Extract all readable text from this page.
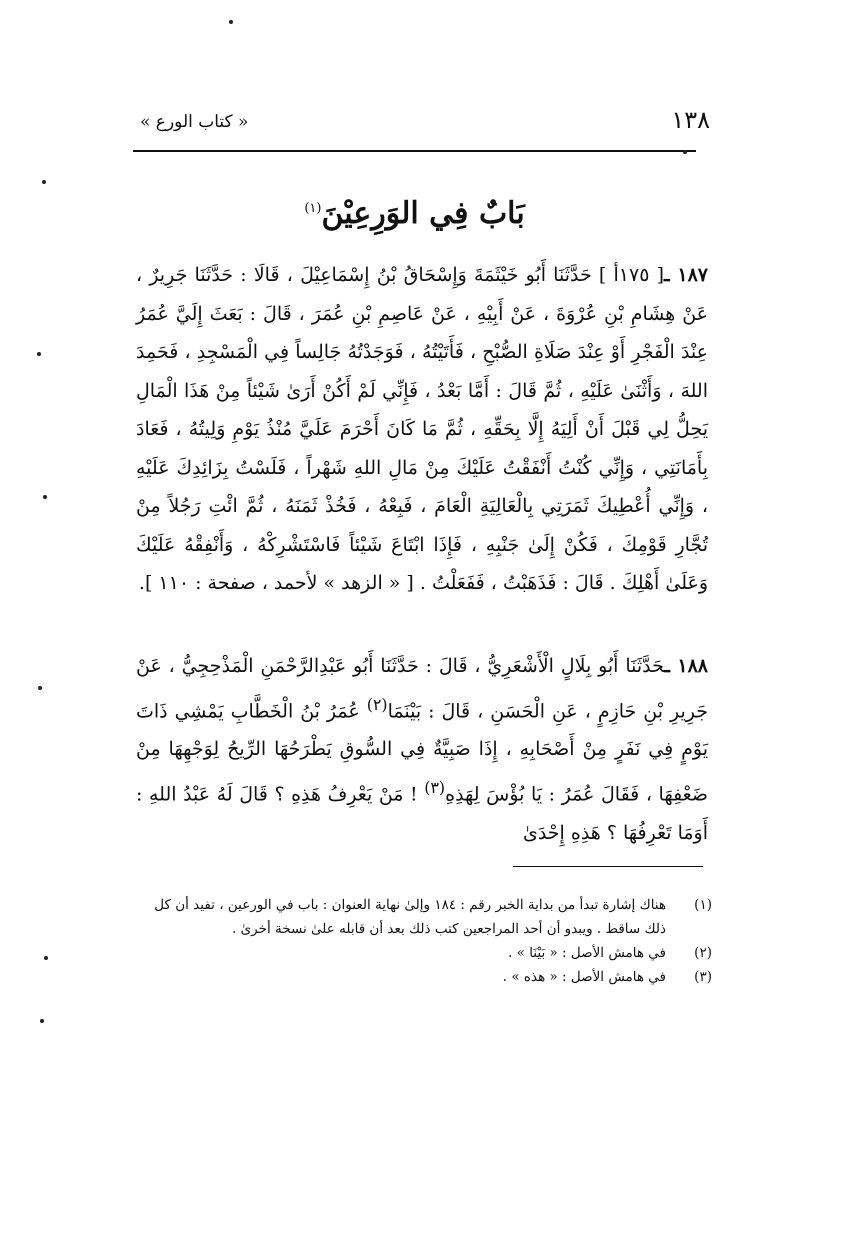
« كتاب الورع »	١٣٨
بَابٌ فِي الوَرِعِيْنَ$^{(١)}$

١٨٧ ـ[ ١٧٥أ ] حَدَّثَنَا أَبُو خَيْثَمَةَ وَإِسْحَاقُ بْنُ إِسْمَاعِيْلَ ، قَالَا : حَدَّثَنَا جَرِيرٌ ، عَنْ هِشَامِ بْنِ عُرْوَةَ ، عَنْ أَبِيْهِ ، عَنْ عَاصِمِ بْنِ عُمَرَ ، قَالَ : بَعَثَ إِلَيَّ عُمَرُ عِنْدَ الْفَجْرِ أَوْ عِنْدَ صَلَاةِ الصُّبْحِ ، فَأَتَيْتُهُ ، فَوَجَدْتُهُ جَالِساً فِي الْمَسْجِدِ ، فَحَمِدَ اللهَ ، وَأَثْنَىٰ عَلَيْهِ ، ثُمَّ قَالَ : أَمَّا بَعْدُ ، فَإِنِّي لَمْ أَكُنْ أَرَىٰ شَيْئاً مِنْ هَذَا الْمَالِ يَحِلُّ لِي قَبْلَ أَنْ أَلِيَهُ إِلَّا بِحَقِّهِ ، ثُمَّ مَا كَانَ أَحْرَمَ عَلَيَّ مُنْذُ يَوْمِ وَلِيتُهُ ، فَعَادَ بِأَمَانَتِي ، وَإِنِّي كُنْتُ أَنْفَقْتُ عَلَيْكَ مِنْ مَالِ اللهِ شَهْراً ، فَلَسْتُ بِزَائِدِكَ عَلَيْهِ ، وَإِنِّي أُعْطِيكَ ثَمَرَتِي بِالْعَالِيَةِ الْعَامَ ، فَبِعْهُ ، فَخُذْ ثَمَنَهُ ، ثُمَّ ائْتِ رَجُلاً مِنْ تُجَّارِ قَوْمِكَ ، فَكُنْ إِلَىٰ جَنْبِهِ ، فَإِذَا ابْتَاعَ شَيْئاً فَاسْتَشْرِكْهُ ، وَأَنْفِقْهُ عَلَيْكَ وَعَلَىٰ أَهْلِكَ . قَالَ : فَذَهَبْتُ ، فَفَعَلْتُ . [ « الزهد » لأحمد ، صفحة : ١١٠ ].

١٨٨ ـحَدَّثَنَا أَبُو بِلَالٍ الْأَشْعَرِيُّ ، قَالَ : حَدَّثَنَا أَبُو عَبْدِالرَّحْمَنِ الْمَذْحِجِيُّ ، عَنْ جَرِيرِ بْنِ حَازِمٍ ، عَنِ الْحَسَنِ ، قَالَ : بَيْنَمَا$^{(٢)}$ عُمَرُ بْنُ الْخَطَّابِ يَمْشِي ذَاتَ يَوْمٍ فِي نَفَرٍ مِنْ أَصْحَابِهِ ، إِذَا صَبِيَّةٌ فِي السُّوقِ يَطْرَحُهَا الرِّيحُ لِوَجْهِهَا مِنْ ضَعْفِهَا ، فَقَالَ عُمَرُ : يَا بُؤْسَ لِهَذِهِ$^{(٣)}$ ! مَنْ يَعْرِفُ هَذِهِ ؟ قَالَ لَهُ عَبْدُ اللهِ : أَوَمَا تَعْرِفُهَا ؟ هَذِهِ إِحْدَىٰ

(١)
هناك إشارة تبدأ من بداية الخبر رقم : ١٨٤ وإلىٰ نهاية العنوان : باب في الورعين ، تفيد أن كل ذلك ساقط . ويبدو أن أحد المراجعين كتب ذلك بعد أن قابله علىٰ نسخة أخرىٰ .
(٢)
في هامش الأصل : « بَيْنَا » .
(٣)
في هامش الأصل : « هذه » .
